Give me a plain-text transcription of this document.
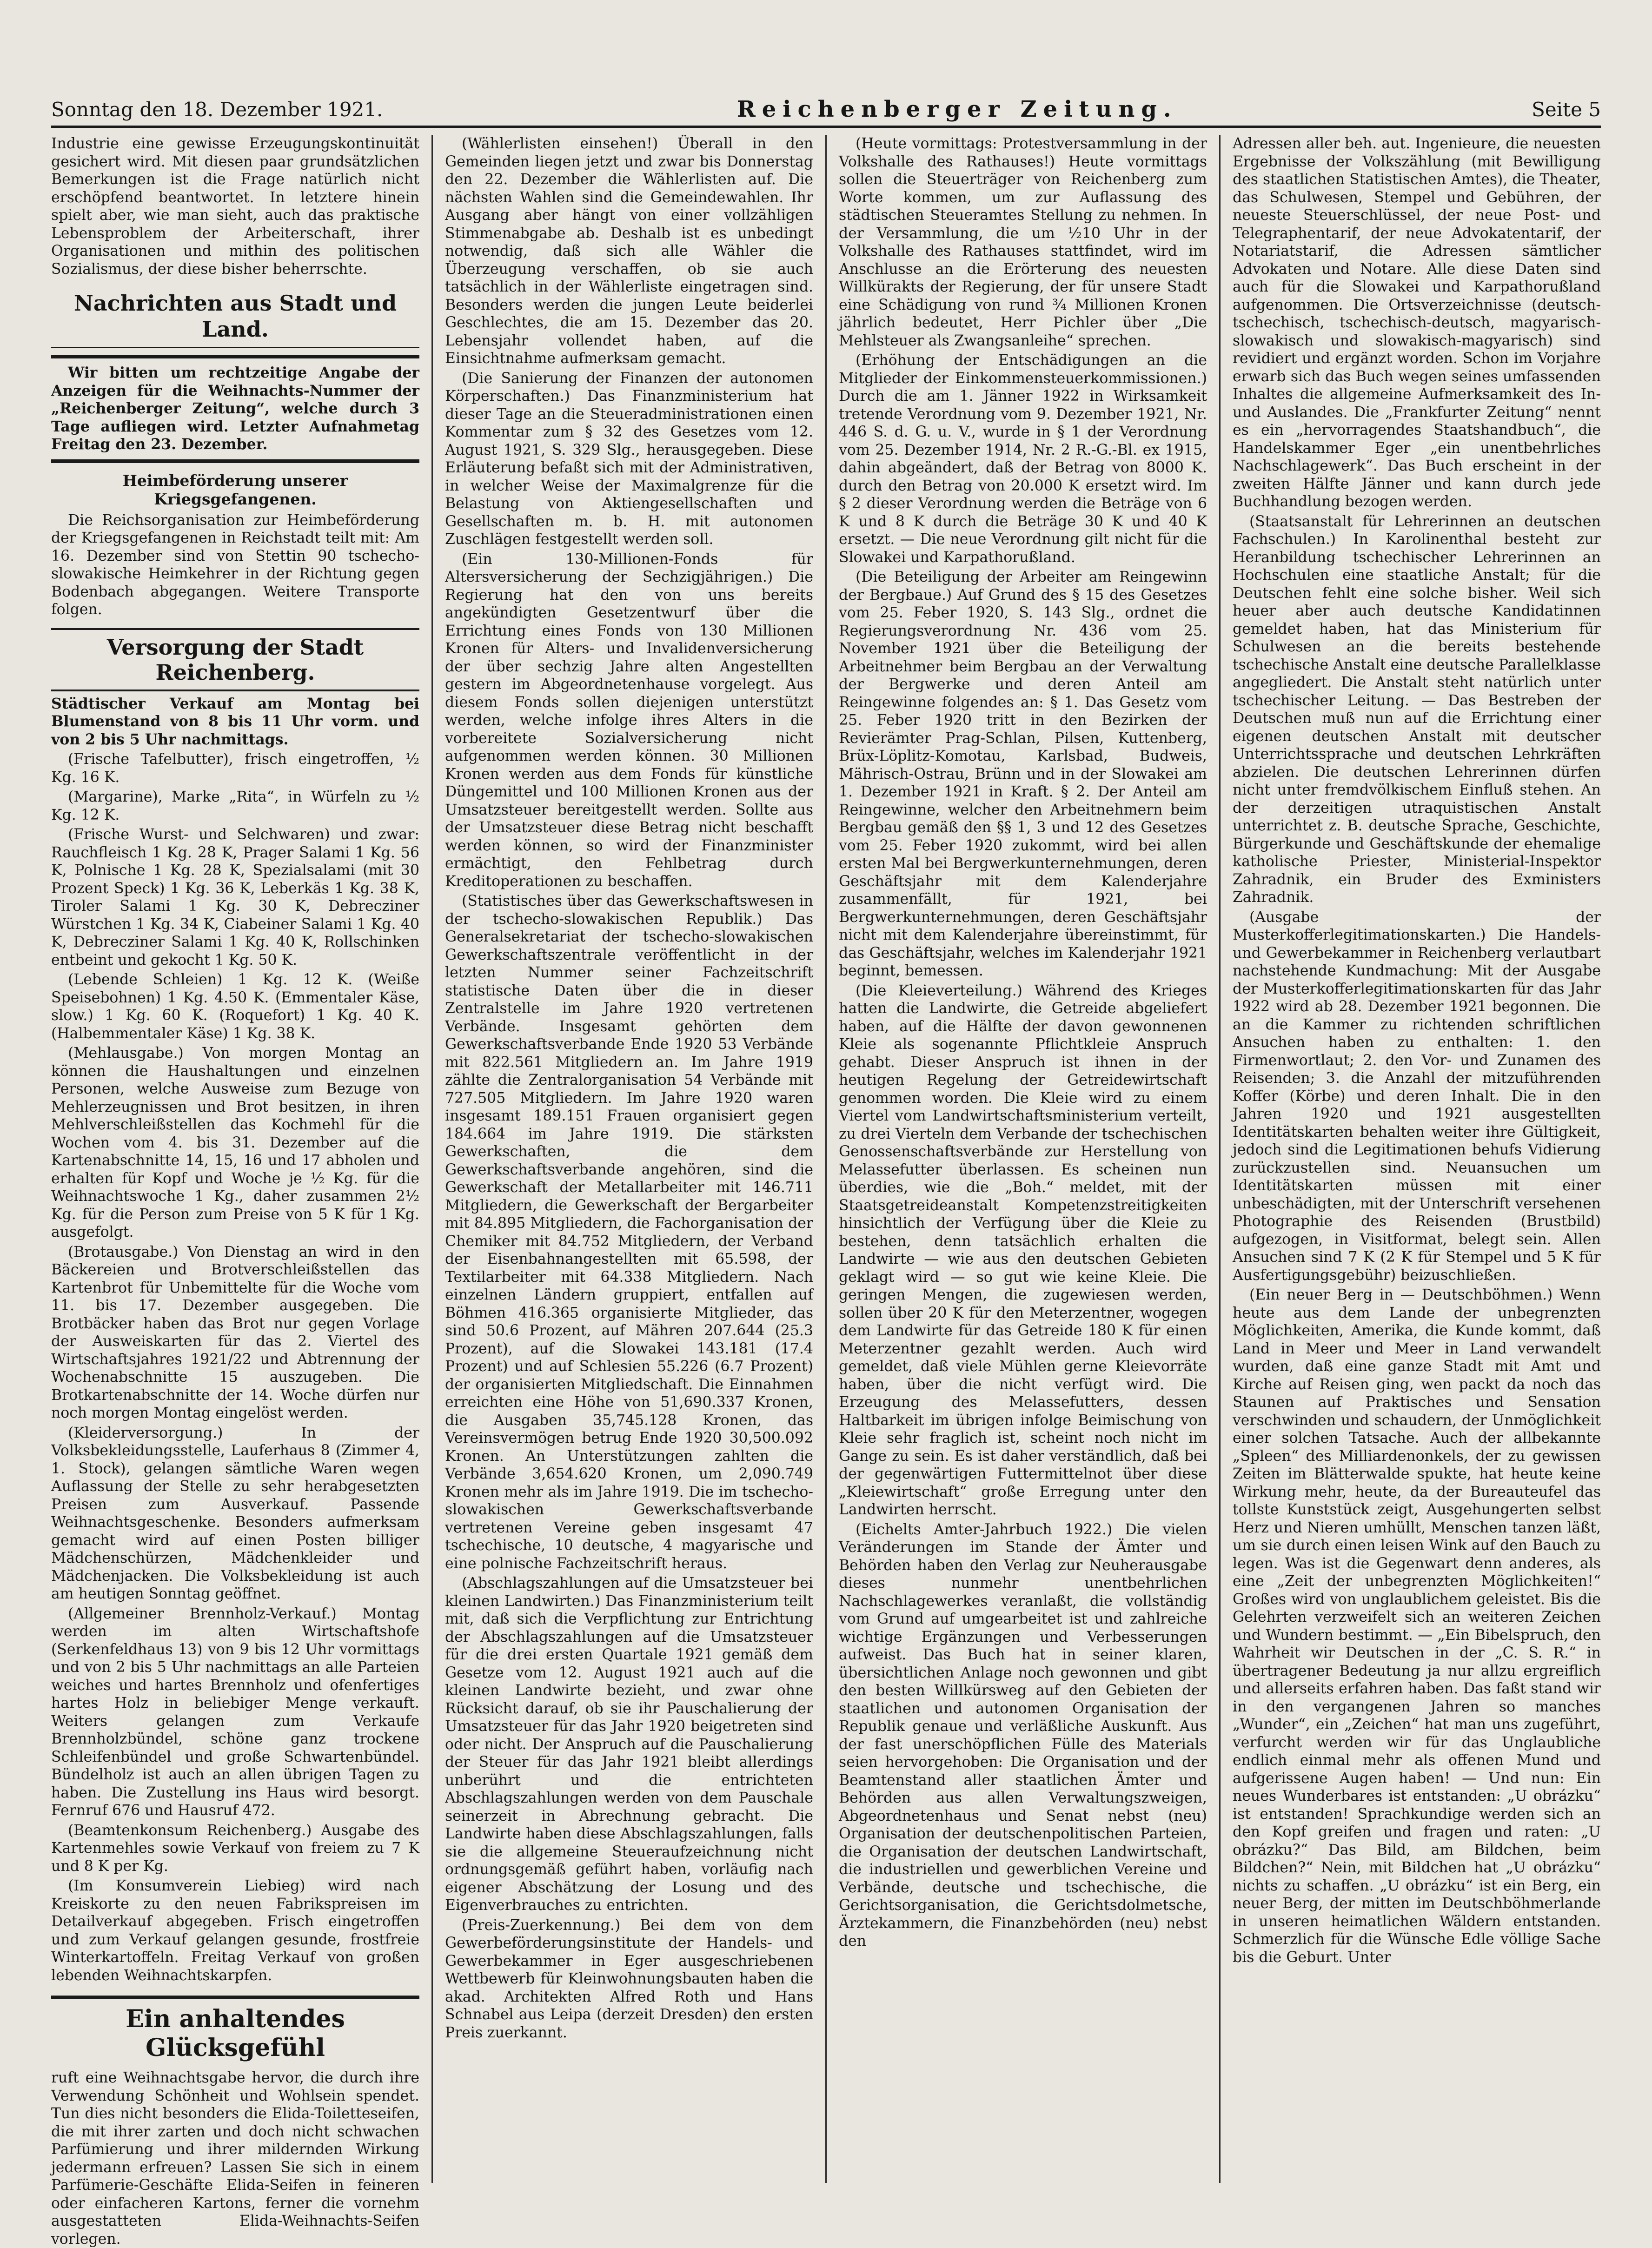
Sonntag den 18. Dezember 1921.	Reichenberger Zeitung.	Seite 5

Industrie eine gewisse Erzeugungskontinuität gesichert wird. Mit diesen paar grundsätzlichen Bemerkungen ist die Frage natürlich nicht erschöpfend beantwortet. In letztere hinein spielt aber, wie man sieht, auch das praktische Lebensproblem der Arbeiterschaft, ihrer Organisationen und mithin des politischen Sozialismus, der diese bisher beherrschte.

Nachrichten aus Stadt und Land.
Wir bitten um rechtzeitige Angabe der Anzeigen für die Weihnachts-Nummer der „Reichenberger Zeitung“, welche durch 3 Tage aufliegen wird. Letzter Aufnahmetag Freitag den 23. Dezember.
Heimbeförderung unserer Kriegsgefangenen.

Die Reichsorganisation zur Heimbeförderung der Kriegsgefangenen in Reichstadt teilt mit: Am 16. Dezember sind von Stettin 90 tschecho-slowakische Heimkehrer in der Richtung gegen Bodenbach abgegangen. Weitere Transporte folgen.

Versorgung der Stadt Reichenberg.

Städtischer Verkauf am Montag bei Blumenstand von 8 bis 11 Uhr vorm. und von 2 bis 5 Uhr nachmittags.

(Frische Tafelbutter), frisch eingetroffen, ½ Kg. 16 K.

(Margarine), Marke „Rita“, in Würfeln zu ½ Kg. 12 K.

(Frische Wurst- und Selchwaren) und zwar: Rauchfleisch 1 Kg. 28 K, Prager Salami 1 Kg. 56 K, Polnische 1 Kg. 28 K, Spezialsalami (mit 30 Prozent Speck) 1 Kg. 36 K, Leberkäs 1 Kg. 38 K, Tiroler Salami 1 Kg. 30 K, Debrecziner Würstchen 1 Kg. 34 K, Ciabeiner Salami 1 Kg. 40 K, Debrecziner Salami 1 Kg. 40 K, Rollschinken entbeint und gekocht 1 Kg. 50 K.

(Lebende Schleien) 1 Kg. 12 K. (Weiße Speisebohnen) 1 Kg. 4.50 K. (Emmentaler Käse, slow.) 1 Kg. 60 K. (Roquefort) 1 Kg. 40 K. (Halbemmentaler Käse) 1 Kg. 38 K.

(Mehlausgabe.) Von morgen Montag an können die Haushaltungen und einzelnen Personen, welche Ausweise zum Bezuge von Mehlerzeugnissen und Brot besitzen, in ihren Mehlverschleißstellen das Kochmehl für die Wochen vom 4. bis 31. Dezember auf die Kartenabschnitte 14, 15, 16 und 17 abholen und erhalten für Kopf und Woche je ½ Kg. für die Weihnachtswoche 1 Kg., daher zusammen 2½ Kg. für die Person zum Preise von 5 K für 1 Kg. ausgefolgt.

(Brotausgabe.) Von Dienstag an wird in den Bäckereien und Brotverschleißstellen das Kartenbrot für Unbemittelte für die Woche vom 11. bis 17. Dezember ausgegeben. Die Brotbäcker haben das Brot nur gegen Vorlage der Ausweiskarten für das 2. Viertel des Wirtschaftsjahres 1921/22 und Abtrennung der Wochenabschnitte 15 auszugeben. Die Brotkartenabschnitte der 14. Woche dürfen nur noch morgen Montag eingelöst werden.

(Kleiderversorgung.) In der Volksbekleidungsstelle, Lauferhaus 8 (Zimmer 4, 1. Stock), gelangen sämtliche Waren wegen Auflassung der Stelle zu sehr herabgesetzten Preisen zum Ausverkauf. Passende Weihnachtsgeschenke. Besonders aufmerksam gemacht wird auf einen Posten billiger Mädchenschürzen, Mädchenkleider und Mädchenjacken. Die Volksbekleidung ist auch am heutigen Sonntag geöffnet.

(Allgemeiner Brennholz-Verkauf.) Montag werden im alten Wirtschaftshofe (Serkenfeldhaus 13) von 9 bis 12 Uhr vormittags und von 2 bis 5 Uhr nachmittags an alle Parteien weiches und hartes Brennholz und ofenfertiges hartes Holz in beliebiger Menge verkauft. Weiters gelangen zum Verkaufe Brennholzbündel, schöne ganz trockene Schleifenbündel und große Schwartenbündel. Bündelholz ist auch an allen übrigen Tagen zu haben. Die Zustellung ins Haus wird besorgt. Fernruf 676 und Hausruf 472.

(Beamtenkonsum Reichenberg.) Ausgabe des Kartenmehles sowie Verkauf von freiem zu 7 K und 8 K per Kg.

(Im Konsumverein Liebieg) wird nach Kreiskorte zu den neuen Fabrikspreisen im Detailverkauf abgegeben. Frisch eingetroffen und zum Verkauf gelangen gesunde, frostfreie Winterkartoffeln. Freitag Verkauf von großen lebenden Weihnachtskarpfen.

Ein anhaltendes Glücksgefühl

ruft eine Weihnachtsgabe hervor, die durch ihre Verwendung Schönheit und Wohlsein spendet. Tun dies nicht besonders die Elida-Toiletteseifen, die mit ihrer zarten und doch nicht schwachen Parfümierung und ihrer mildernden Wirkung jedermann erfreuen? Lassen Sie sich in einem Parfümerie-Geschäfte Elida-Seifen in feineren oder einfacheren Kartons, ferner die vornehm ausgestatteten Elida-Weihnachts-Seifen vorlegen.

(Wählerlisten einsehen!) Überall in den Gemeinden liegen jetzt und zwar bis Donnerstag den 22. Dezember die Wählerlisten auf. Die nächsten Wahlen sind die Gemeindewahlen. Ihr Ausgang aber hängt von einer vollzähligen Stimmenabgabe ab. Deshalb ist es unbedingt notwendig, daß sich alle Wähler die Überzeugung verschaffen, ob sie auch tatsächlich in der Wählerliste eingetragen sind. Besonders werden die jungen Leute beiderlei Geschlechtes, die am 15. Dezember das 20. Lebensjahr vollendet haben, auf die Einsichtnahme aufmerksam gemacht.

(Die Sanierung der Finanzen der autonomen Körperschaften.) Das Finanzministerium hat dieser Tage an die Steueradministrationen einen Kommentar zum § 32 des Gesetzes vom 12. August 1921, S. 329 Slg., herausgegeben. Diese Erläuterung befaßt sich mit der Administrativen, in welcher Weise der Maximalgrenze für die Belastung von Aktiengesellschaften und Gesellschaften m. b. H. mit autonomen Zuschlägen festgestellt werden soll.

(Ein 130-Millionen-Fonds für Altersversicherung der Sechzigjährigen.) Die Regierung hat den von uns bereits angekündigten Gesetzentwurf über die Errichtung eines Fonds von 130 Millionen Kronen für Alters- und Invalidenversicherung der über sechzig Jahre alten Angestellten gestern im Abgeordnetenhause vorgelegt. Aus diesem Fonds sollen diejenigen unterstützt werden, welche infolge ihres Alters in die vorbereitete Sozialversicherung nicht aufgenommen werden können. 30 Millionen Kronen werden aus dem Fonds für künstliche Düngemittel und 100 Millionen Kronen aus der Umsatzsteuer bereitgestellt werden. Sollte aus der Umsatzsteuer diese Betrag nicht beschafft werden können, so wird der Finanzminister ermächtigt, den Fehlbetrag durch Kreditoperationen zu beschaffen.

(Statistisches über das Gewerkschaftswesen in der tschecho-slowakischen Republik.) Das Generalsekretariat der tschecho-slowakischen Gewerkschaftszentrale veröffentlicht in der letzten Nummer seiner Fachzeitschrift statistische Daten über die in dieser Zentralstelle im Jahre 1920 vertretenen Verbände. Insgesamt gehörten dem Gewerkschaftsverbande Ende 1920 53 Verbände mit 822.561 Mitgliedern an. Im Jahre 1919 zählte die Zentralorganisation 54 Verbände mit 727.505 Mitgliedern. Im Jahre 1920 waren insgesamt 189.151 Frauen organisiert gegen 184.664 im Jahre 1919. Die stärksten Gewerkschaften, die dem Gewerkschaftsverbande angehören, sind die Gewerkschaft der Metallarbeiter mit 146.711 Mitgliedern, die Gewerkschaft der Bergarbeiter mit 84.895 Mitgliedern, die Fachorganisation der Chemiker mit 84.752 Mitgliedern, der Verband der Eisenbahnangestellten mit 65.598, der Textilarbeiter mit 64.338 Mitgliedern. Nach einzelnen Ländern gruppiert, entfallen auf Böhmen 416.365 organisierte Mitglieder, das sind 50.6 Prozent, auf Mähren 207.644 (25.3 Prozent), auf die Slowakei 143.181 (17.4 Prozent) und auf Schlesien 55.226 (6.7 Prozent) der organisierten Mitgliedschaft. Die Einnahmen erreichten eine Höhe von 51,690.337 Kronen, die Ausgaben 35,745.128 Kronen, das Vereinsvermögen betrug Ende 1920 30,500.092 Kronen. An Unterstützungen zahlten die Verbände 3,654.620 Kronen, um 2,090.749 Kronen mehr als im Jahre 1919. Die im tschecho-slowakischen Gewerkschaftsverbande vertretenen Vereine geben insgesamt 47 tschechische, 10 deutsche, 4 magyarische und eine polnische Fachzeitschrift heraus.

(Abschlagszahlungen auf die Umsatzsteuer bei kleinen Landwirten.) Das Finanzministerium teilt mit, daß sich die Verpflichtung zur Entrichtung der Abschlagszahlungen auf die Umsatzsteuer für die drei ersten Quartale 1921 gemäß dem Gesetze vom 12. August 1921 auch auf die kleinen Landwirte bezieht, und zwar ohne Rücksicht darauf, ob sie ihr Pauschalierung der Umsatzsteuer für das Jahr 1920 beigetreten sind oder nicht. Der Anspruch auf die Pauschalierung der Steuer für das Jahr 1921 bleibt allerdings unberührt und die entrichteten Abschlagszahlungen werden von dem Pauschale seinerzeit in Abrechnung gebracht. Die Landwirte haben diese Abschlagszahlungen, falls sie die allgemeine Steueraufzeichnung nicht ordnungsgemäß geführt haben, vorläufig nach eigener Abschätzung der Losung und des Eigenverbrauches zu entrichten.

(Preis-Zuerkennung.) Bei dem von dem Gewerbeförderungsinstitute der Handels- und Gewerbekammer in Eger ausgeschriebenen Wettbewerb für Kleinwohnungsbauten haben die akad. Architekten Alfred Roth und Hans Schnabel aus Leipa (derzeit Dresden) den ersten Preis zuerkannt.

(Heute vormittags: Protestversammlung in der Volkshalle des Rathauses!) Heute vormittags sollen die Steuerträger von Reichenberg zum Worte kommen, um zur Auflassung des städtischen Steueramtes Stellung zu nehmen. In der Versammlung, die um ½10 Uhr in der Volkshalle des Rathauses stattfindet, wird im Anschlusse an die Erörterung des neuesten Willkürakts der Regierung, der für unsere Stadt eine Schädigung von rund ¾ Millionen Kronen jährlich bedeutet, Herr Pichler über „Die Mehlsteuer als Zwangsanleihe“ sprechen.

(Erhöhung der Entschädigungen an die Mitglieder der Einkommensteuerkommissionen.) Durch die am 1. Jänner 1922 in Wirksamkeit tretende Verordnung vom 9. Dezember 1921, Nr. 446 S. d. G. u. V., wurde in § 1 der Verordnung vom 25. Dezember 1914, Nr. 2 R.-G.-Bl. ex 1915, dahin abgeändert, daß der Betrag von 8000 K. durch den Betrag von 20.000 K ersetzt wird. Im § 2 dieser Verordnung werden die Beträge von 6 K und 8 K durch die Beträge 30 K und 40 K ersetzt. — Die neue Verordnung gilt nicht für die Slowakei und Karpathorußland.

(Die Beteiligung der Arbeiter am Reingewinn der Bergbaue.) Auf Grund des § 15 des Gesetzes vom 25. Feber 1920, S. 143 Slg., ordnet die Regierungsverordnung Nr. 436 vom 25. November 1921 über die Beteiligung der Arbeitnehmer beim Bergbau an der Verwaltung der Bergwerke und deren Anteil am Reingewinne folgendes an: § 1. Das Gesetz vom 25. Feber 1920 tritt in den Bezirken der Revierämter Prag-Schlan, Pilsen, Kuttenberg, Brüx-Löplitz-Komotau, Karlsbad, Budweis, Mährisch-Ostrau, Brünn und in der Slowakei am 1. Dezember 1921 in Kraft. § 2. Der Anteil am Reingewinne, welcher den Arbeitnehmern beim Bergbau gemäß den §§ 1, 3 und 12 des Gesetzes vom 25. Feber 1920 zukommt, wird bei allen ersten Mal bei Bergwerkunternehmungen, deren Geschäftsjahr mit dem Kalenderjahre zusammenfällt, für 1921, bei Bergwerkunternehmungen, deren Geschäftsjahr nicht mit dem Kalenderjahre übereinstimmt, für das Geschäftsjahr, welches im Kalenderjahr 1921 beginnt, bemessen.

(Die Kleieverteilung.) Während des Krieges hatten die Landwirte, die Getreide abgeliefert haben, auf die Hälfte der davon gewonnenen Kleie als sogenannte Pflichtkleie Anspruch gehabt. Dieser Anspruch ist ihnen in der heutigen Regelung der Getreidewirtschaft genommen worden. Die Kleie wird zu einem Viertel vom Landwirtschaftsministerium verteilt, zu drei Vierteln dem Verbande der tschechischen Genossenschaftsverbände zur Herstellung von Melassefutter überlassen. Es scheinen nun überdies, wie die „Boh.“ meldet, mit der Staatsgetreideanstalt Kompetenzstreitigkeiten hinsichtlich der Verfügung über die Kleie zu bestehen, denn tatsächlich erhalten die Landwirte — wie aus den deutschen Gebieten geklagt wird — so gut wie keine Kleie. Die geringen Mengen, die zugewiesen werden, sollen über 20 K für den Meterzentner, wogegen dem Landwirte für das Getreide 180 K für einen Meterzentner gezahlt werden. Auch wird gemeldet, daß viele Mühlen gerne Kleievorräte haben, über die nicht verfügt wird. Die Erzeugung des Melassefutters, dessen Haltbarkeit im übrigen infolge Beimischung von Kleie sehr fraglich ist, scheint noch nicht im Gange zu sein. Es ist daher verständlich, daß bei der gegenwärtigen Futtermittelnot über diese „Kleiewirtschaft“ große Erregung unter den Landwirten herrscht.

(Eichelts Amter-Jahrbuch 1922.) Die vielen Veränderungen im Stande der Ämter und Behörden haben den Verlag zur Neuherausgabe dieses nunmehr unentbehrlichen Nachschlagewerkes veranlaßt, die vollständig vom Grund auf umgearbeitet ist und zahlreiche wichtige Ergänzungen und Verbesserungen aufweist. Das Buch hat in seiner klaren, übersichtlichen Anlage noch gewonnen und gibt den besten Willkürsweg auf den Gebieten der staatlichen und autonomen Organisation der Republik genaue und verläßliche Auskunft. Aus der fast unerschöpflichen Fülle des Materials seien hervorgehoben: Die Organisation und der Beamtenstand aller staatlichen Ämter und Behörden aus allen Verwaltungszweigen, Abgeordnetenhaus und Senat nebst (neu) Organisation der deutschenpolitischen Parteien, die Organisation der deutschen Landwirtschaft, die industriellen und gewerblichen Vereine und Verbände, deutsche und tschechische, die Gerichtsorganisation, die Gerichtsdolmetsche, Ärztekammern, die Finanzbehörden (neu) nebst den

Adressen aller beh. aut. Ingenieure, die neuesten Ergebnisse der Volkszählung (mit Bewilligung des staatlichen Statistischen Amtes), die Theater, das Schulwesen, Stempel und Gebühren, der neueste Steuerschlüssel, der neue Post- und Telegraphentarif, der neue Advokatentarif, der Notariatstarif, die Adressen sämtlicher Advokaten und Notare. Alle diese Daten sind auch für die Slowakei und Karpathorußland aufgenommen. Die Ortsverzeichnisse (deutsch-tschechisch, tschechisch-deutsch, magyarisch-slowakisch und slowakisch-magyarisch) sind revidiert und ergänzt worden. Schon im Vorjahre erwarb sich das Buch wegen seines umfassenden Inhaltes die allgemeine Aufmerksamkeit des In- und Auslandes. Die „Frankfurter Zeitung“ nennt es ein „hervorragendes Staatshandbuch“, die Handelskammer Eger „ein unentbehrliches Nachschlagewerk“. Das Buch erscheint in der zweiten Hälfte Jänner und kann durch jede Buchhandlung bezogen werden.

(Staatsanstalt für Lehrerinnen an deutschen Fachschulen.) In Karolinenthal besteht zur Heranbildung tschechischer Lehrerinnen an Hochschulen eine staatliche Anstalt; für die Deutschen fehlt eine solche bisher. Weil sich heuer aber auch deutsche Kandidatinnen gemeldet haben, hat das Ministerium für Schulwesen an die bereits bestehende tschechische Anstalt eine deutsche Parallelklasse angegliedert. Die Anstalt steht natürlich unter tschechischer Leitung. — Das Bestreben der Deutschen muß nun auf die Errichtung einer eigenen deutschen Anstalt mit deutscher Unterrichtssprache und deutschen Lehrkräften abzielen. Die deutschen Lehrerinnen dürfen nicht unter fremdvölkischem Einfluß stehen. An der derzeitigen utraquistischen Anstalt unterrichtet z. B. deutsche Sprache, Geschichte, Bürgerkunde und Geschäftskunde der ehemalige katholische Priester, Ministerial-Inspektor Zahradnik, ein Bruder des Exministers Zahradnik.

(Ausgabe der Musterkofferlegitimationskarten.) Die Handels- und Gewerbekammer in Reichenberg verlautbart nachstehende Kundmachung: Mit der Ausgabe der Musterkofferlegitimationskarten für das Jahr 1922 wird ab 28. Dezember 1921 begonnen. Die an die Kammer zu richtenden schriftlichen Ansuchen haben zu enthalten: 1. den Firmenwortlaut; 2. den Vor- und Zunamen des Reisenden; 3. die Anzahl der mitzuführenden Koffer (Körbe) und deren Inhalt. Die in den Jahren 1920 und 1921 ausgestellten Identitätskarten behalten weiter ihre Gültigkeit, jedoch sind die Legitimationen behufs Vidierung zurückzustellen sind. Neuansuchen um Identitätskarten müssen mit einer unbeschädigten, mit der Unterschrift versehenen Photographie des Reisenden (Brustbild) aufgezogen, in Visitformat, belegt sein. Allen Ansuchen sind 7 K (2 K für Stempel und 5 K für Ausfertigungsgebühr) beizuschließen.

(Ein neuer Berg in — Deutschböhmen.) Wenn heute aus dem Lande der unbegrenzten Möglichkeiten, Amerika, die Kunde kommt, daß Land in Meer und Meer in Land verwandelt wurden, daß eine ganze Stadt mit Amt und Kirche auf Reisen ging, wen packt da noch das Staunen auf Praktisches und Sensation verschwinden und schaudern, der Unmöglichkeit einer solchen Tatsache. Auch der allbekannte „Spleen“ des Milliardenonkels, der zu gewissen Zeiten im Blätterwalde spukte, hat heute keine Wirkung mehr, heute, da der Bureauteufel das tollste Kunststück zeigt, Ausgehungerten selbst Herz und Nieren umhüllt, Menschen tanzen läßt, um sie durch einen leisen Wink auf den Bauch zu legen. Was ist die Gegenwart denn anderes, als eine „Zeit der unbegrenzten Möglichkeiten!“ Großes wird von unglaublichem geleistet. Bis die Gelehrten verzweifelt sich an weiteren Zeichen und Wundern bestimmt. — „Ein Bibelspruch, den Wahrheit wir Deutschen in der „C. S. R.“ in übertragener Bedeutung ja nur allzu ergreiflich und allerseits erfahren haben. Das faßt stand wir in den vergangenen Jahren so manches „Wunder“, ein „Zeichen“ hat man uns zugeführt, verfurcht werden wir für das Unglaubliche endlich einmal mehr als offenen Mund und aufgerissene Augen haben! — Und nun: Ein neues Wunderbares ist entstanden: „U obrázku“ ist entstanden! Sprachkundige werden sich an den Kopf greifen und fragen und raten: „U obrázku?“ Das Bild, am Bildchen, beim Bildchen?“ Nein, mit Bildchen hat „U obrázku“ nichts zu schaffen. „U obrázku“ ist ein Berg, ein neuer Berg, der mitten im Deutschböhmerlande in unseren heimatlichen Wäldern entstanden. Schmerzlich für die Wünsche Edle völlige Sache bis die Geburt. Unter
